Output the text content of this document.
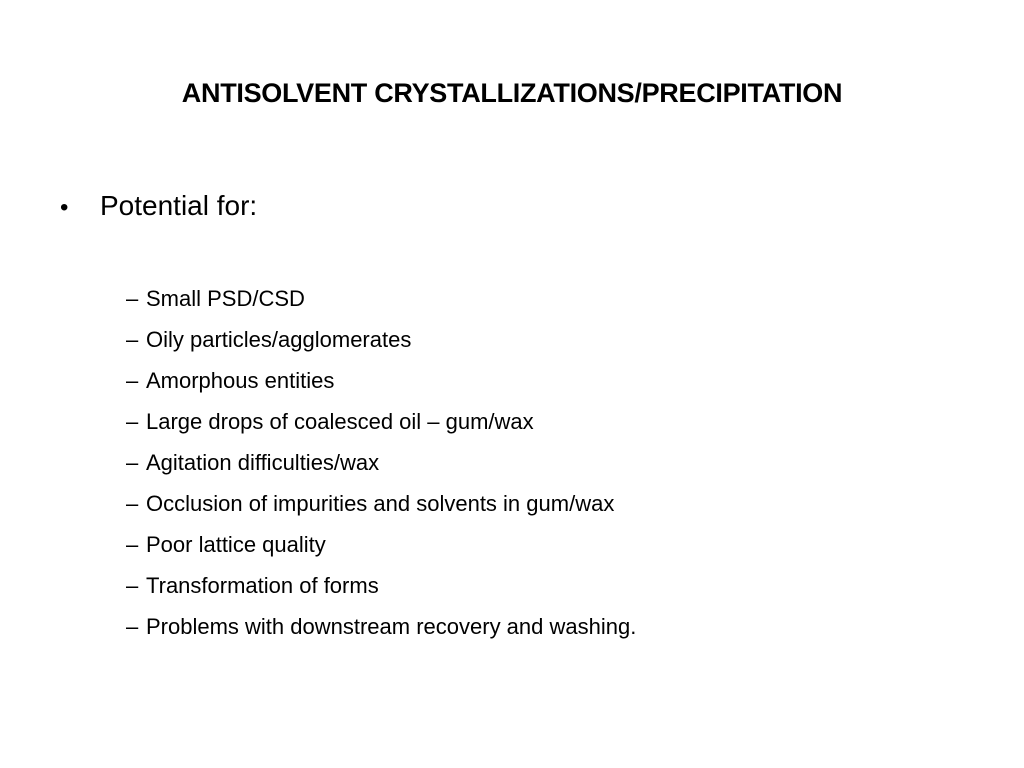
ANTISOLVENT CRYSTALLIZATIONS/PRECIPITATION
•	Potential for:
– Small PSD/CSD
– Oily particles/agglomerates
– Amorphous entities
– Large drops of coalesced oil – gum/wax
– Agitation difficulties/wax
– Occlusion of impurities and solvents in gum/wax
– Poor lattice quality
– Transformation of forms
– Problems with downstream recovery and washing.
